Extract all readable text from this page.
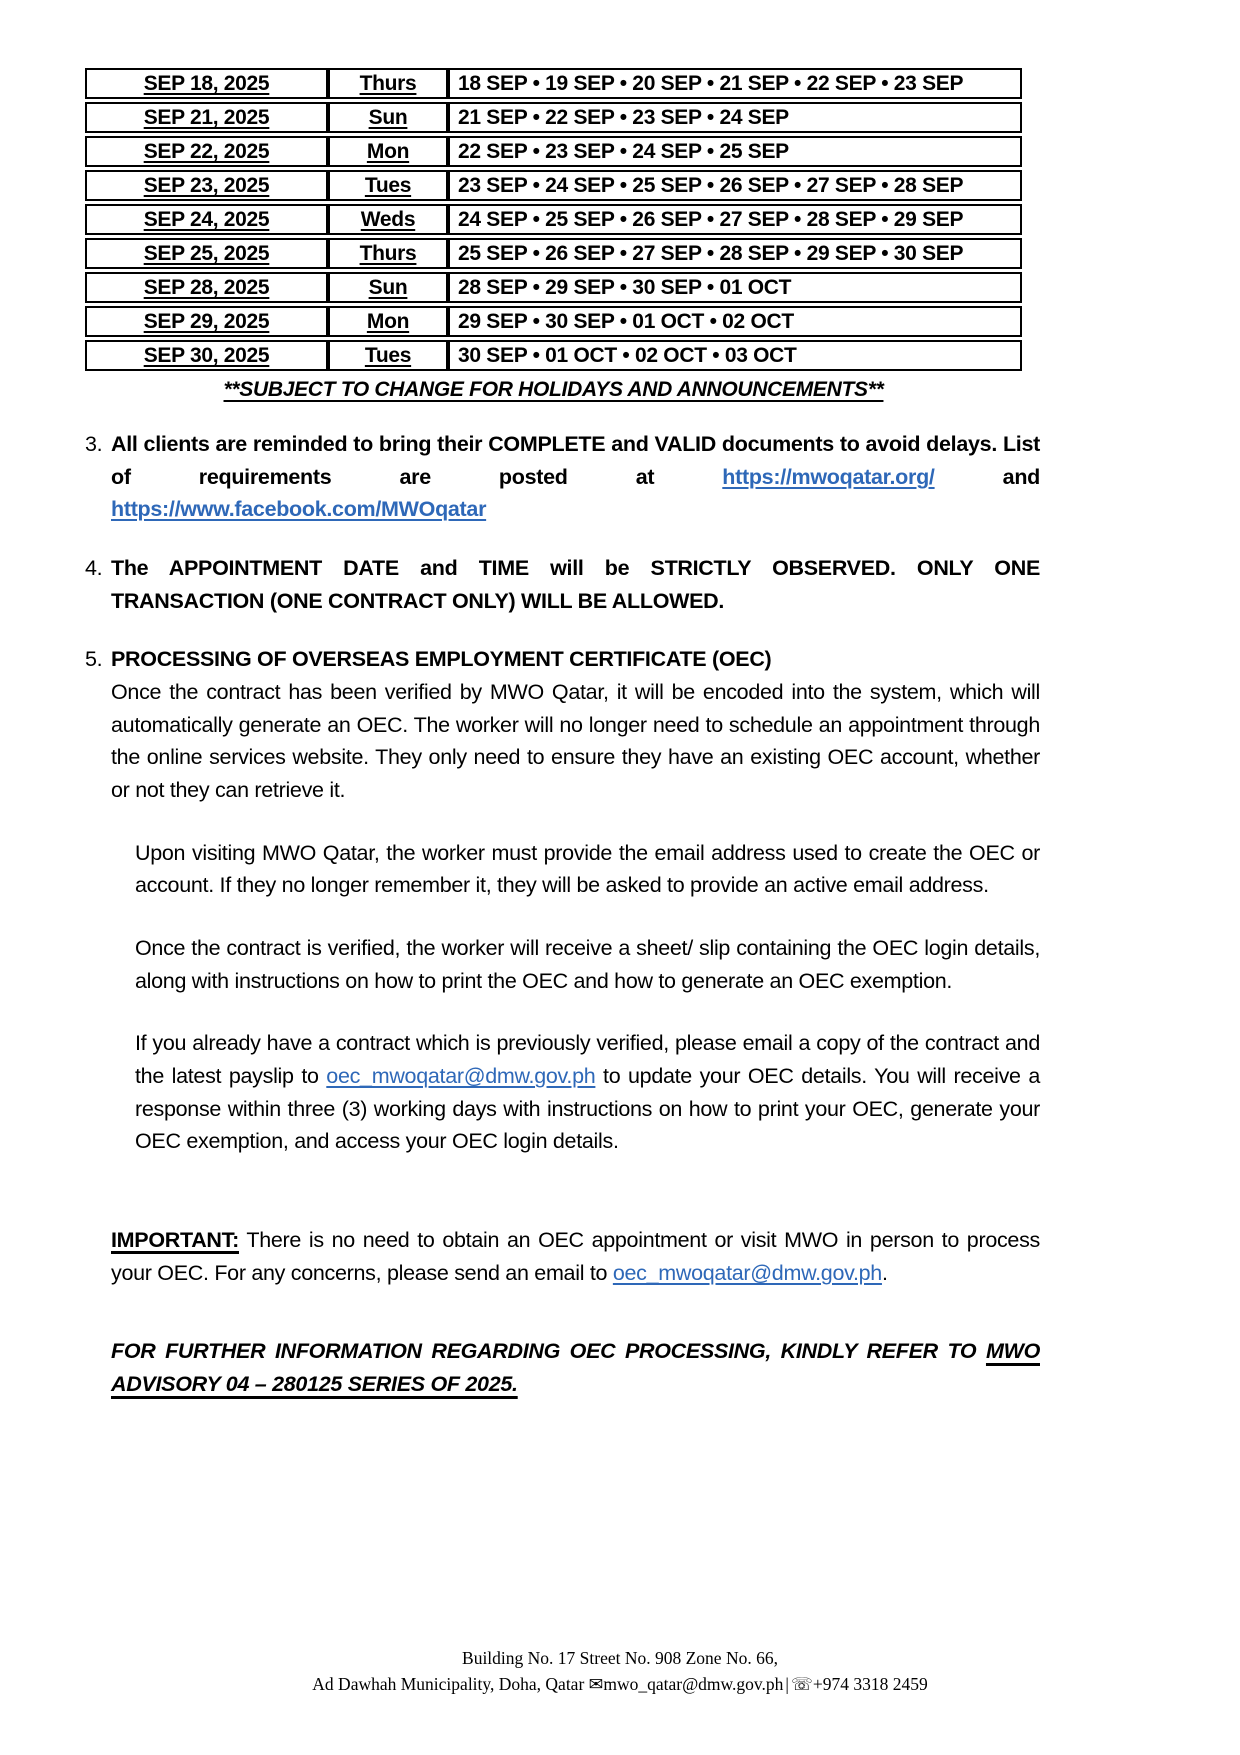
SEP 18, 2025	Thurs	18 SEP • 19 SEP • 20 SEP • 21 SEP • 22 SEP • 23 SEP
SEP 21, 2025	Sun	21 SEP • 22 SEP • 23 SEP • 24 SEP
SEP 22, 2025	Mon	22 SEP • 23 SEP • 24 SEP • 25 SEP
SEP 23, 2025	Tues	23 SEP • 24 SEP • 25 SEP • 26 SEP • 27 SEP • 28 SEP
SEP 24, 2025	Weds	24 SEP • 25 SEP • 26 SEP • 27 SEP • 28 SEP • 29 SEP
SEP 25, 2025	Thurs	25 SEP • 26 SEP • 27 SEP • 28 SEP • 29 SEP • 30 SEP
SEP 28, 2025	Sun	28 SEP • 29 SEP • 30 SEP • 01 OCT
SEP 29, 2025	Mon	29 SEP • 30 SEP • 01 OCT • 02 OCT
SEP 30, 2025	Tues	30 SEP • 01 OCT • 02 OCT • 03 OCT
**SUBJECT TO CHANGE FOR HOLIDAYS AND ANNOUNCEMENTS**
3. All clients are reminded to bring their COMPLETE and VALID documents to avoid delays. List of requirements are posted at https://mwoqatar.org/ and https://www.facebook.com/MWOqatar
4. The APPOINTMENT DATE and TIME will be STRICTLY OBSERVED. ONLY ONE TRANSACTION (ONE CONTRACT ONLY) WILL BE ALLOWED.
5. PROCESSING OF OVERSEAS EMPLOYMENT CERTIFICATE (OEC)
Once the contract has been verified by MWO Qatar, it will be encoded into the system, which will automatically generate an OEC. The worker will no longer need to schedule an appointment through the online services website. They only need to ensure they have an existing OEC account, whether or not they can retrieve it.
Upon visiting MWO Qatar, the worker must provide the email address used to create the OEC or account. If they no longer remember it, they will be asked to provide an active email address.
Once the contract is verified, the worker will receive a sheet/ slip containing the OEC login details, along with instructions on how to print the OEC and how to generate an OEC exemption.
If you already have a contract which is previously verified, please email a copy of the contract and the latest payslip to oec_mwoqatar@dmw.gov.ph to update your OEC details. You will receive a response within three (3) working days with instructions on how to print your OEC, generate your OEC exemption, and access your OEC login details.
IMPORTANT: There is no need to obtain an OEC appointment or visit MWO in person to process your OEC. For any concerns, please send an email to oec_mwoqatar@dmw.gov.ph.
FOR FURTHER INFORMATION REGARDING OEC PROCESSING, KINDLY REFER TO MWO ADVISORY 04 – 280125 SERIES OF 2025.
Building No. 17 Street No. 908 Zone No. 66,
Ad Dawhah Municipality, Doha, Qatar ✉mwo_qatar@dmw.gov.ph | ☏+974 3318 2459
